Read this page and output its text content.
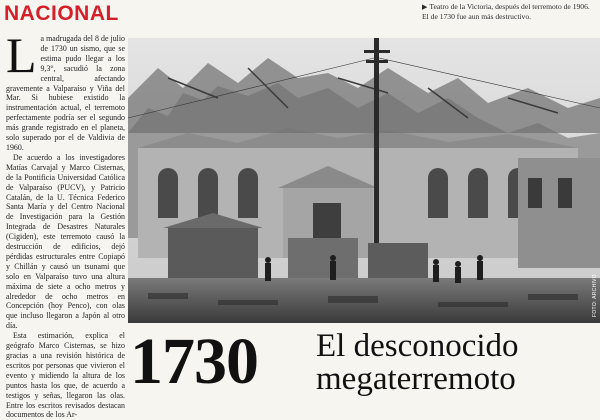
NACIONAL	▶ Teatro de la Victoria, después del terremoto de 1906. El de 1730 fue aun más destructivo.

La madrugada del 8 de julio de 1730 un sismo, que se estima pudo llegar a los 9,3°, sacudió la zona central, afectando gravemente a Valparaíso y Viña del Mar. Si hubiese existido la instrumentación actual, el terremoto perfectamente podría ser el segundo más grande registrado en el planeta, solo superado por el de Valdivia de 1960.

De acuerdo a los investigadores Matías Carvajal y Marco Cisternas, de la Pontificia Universidad Católica de Valparaíso (PUCV), y Patricio Catalán, de la U. Técnica Federico Santa María y del Centro Nacional de Investigación para la Gestión Integrada de Desastres Naturales (Cigiden), este terremoto causó la destrucción de edificios, dejó pérdidas estructurales entre Copiapó y Chillán y causó un tsunami que solo en Valparaíso tuvo una altura máxima de siete a ocho metros y alrededor de ocho metros en Concepción (hoy Penco), con olas que incluso llegaron a Japón al otro día.

Esta estimación, explica el geógrafo Marco Cisternas, se hizo gracias a una revisión histórica de escritos por personas que vivieron el evento y midiendo la altura de los puntos hasta los que, de acuerdo a testigos y señas, llegaron las olas. Entre los escritos revisados destacan documentos de los Ar-

FOTO: ARCHIVO
1730 El desconocido
megaterremoto
